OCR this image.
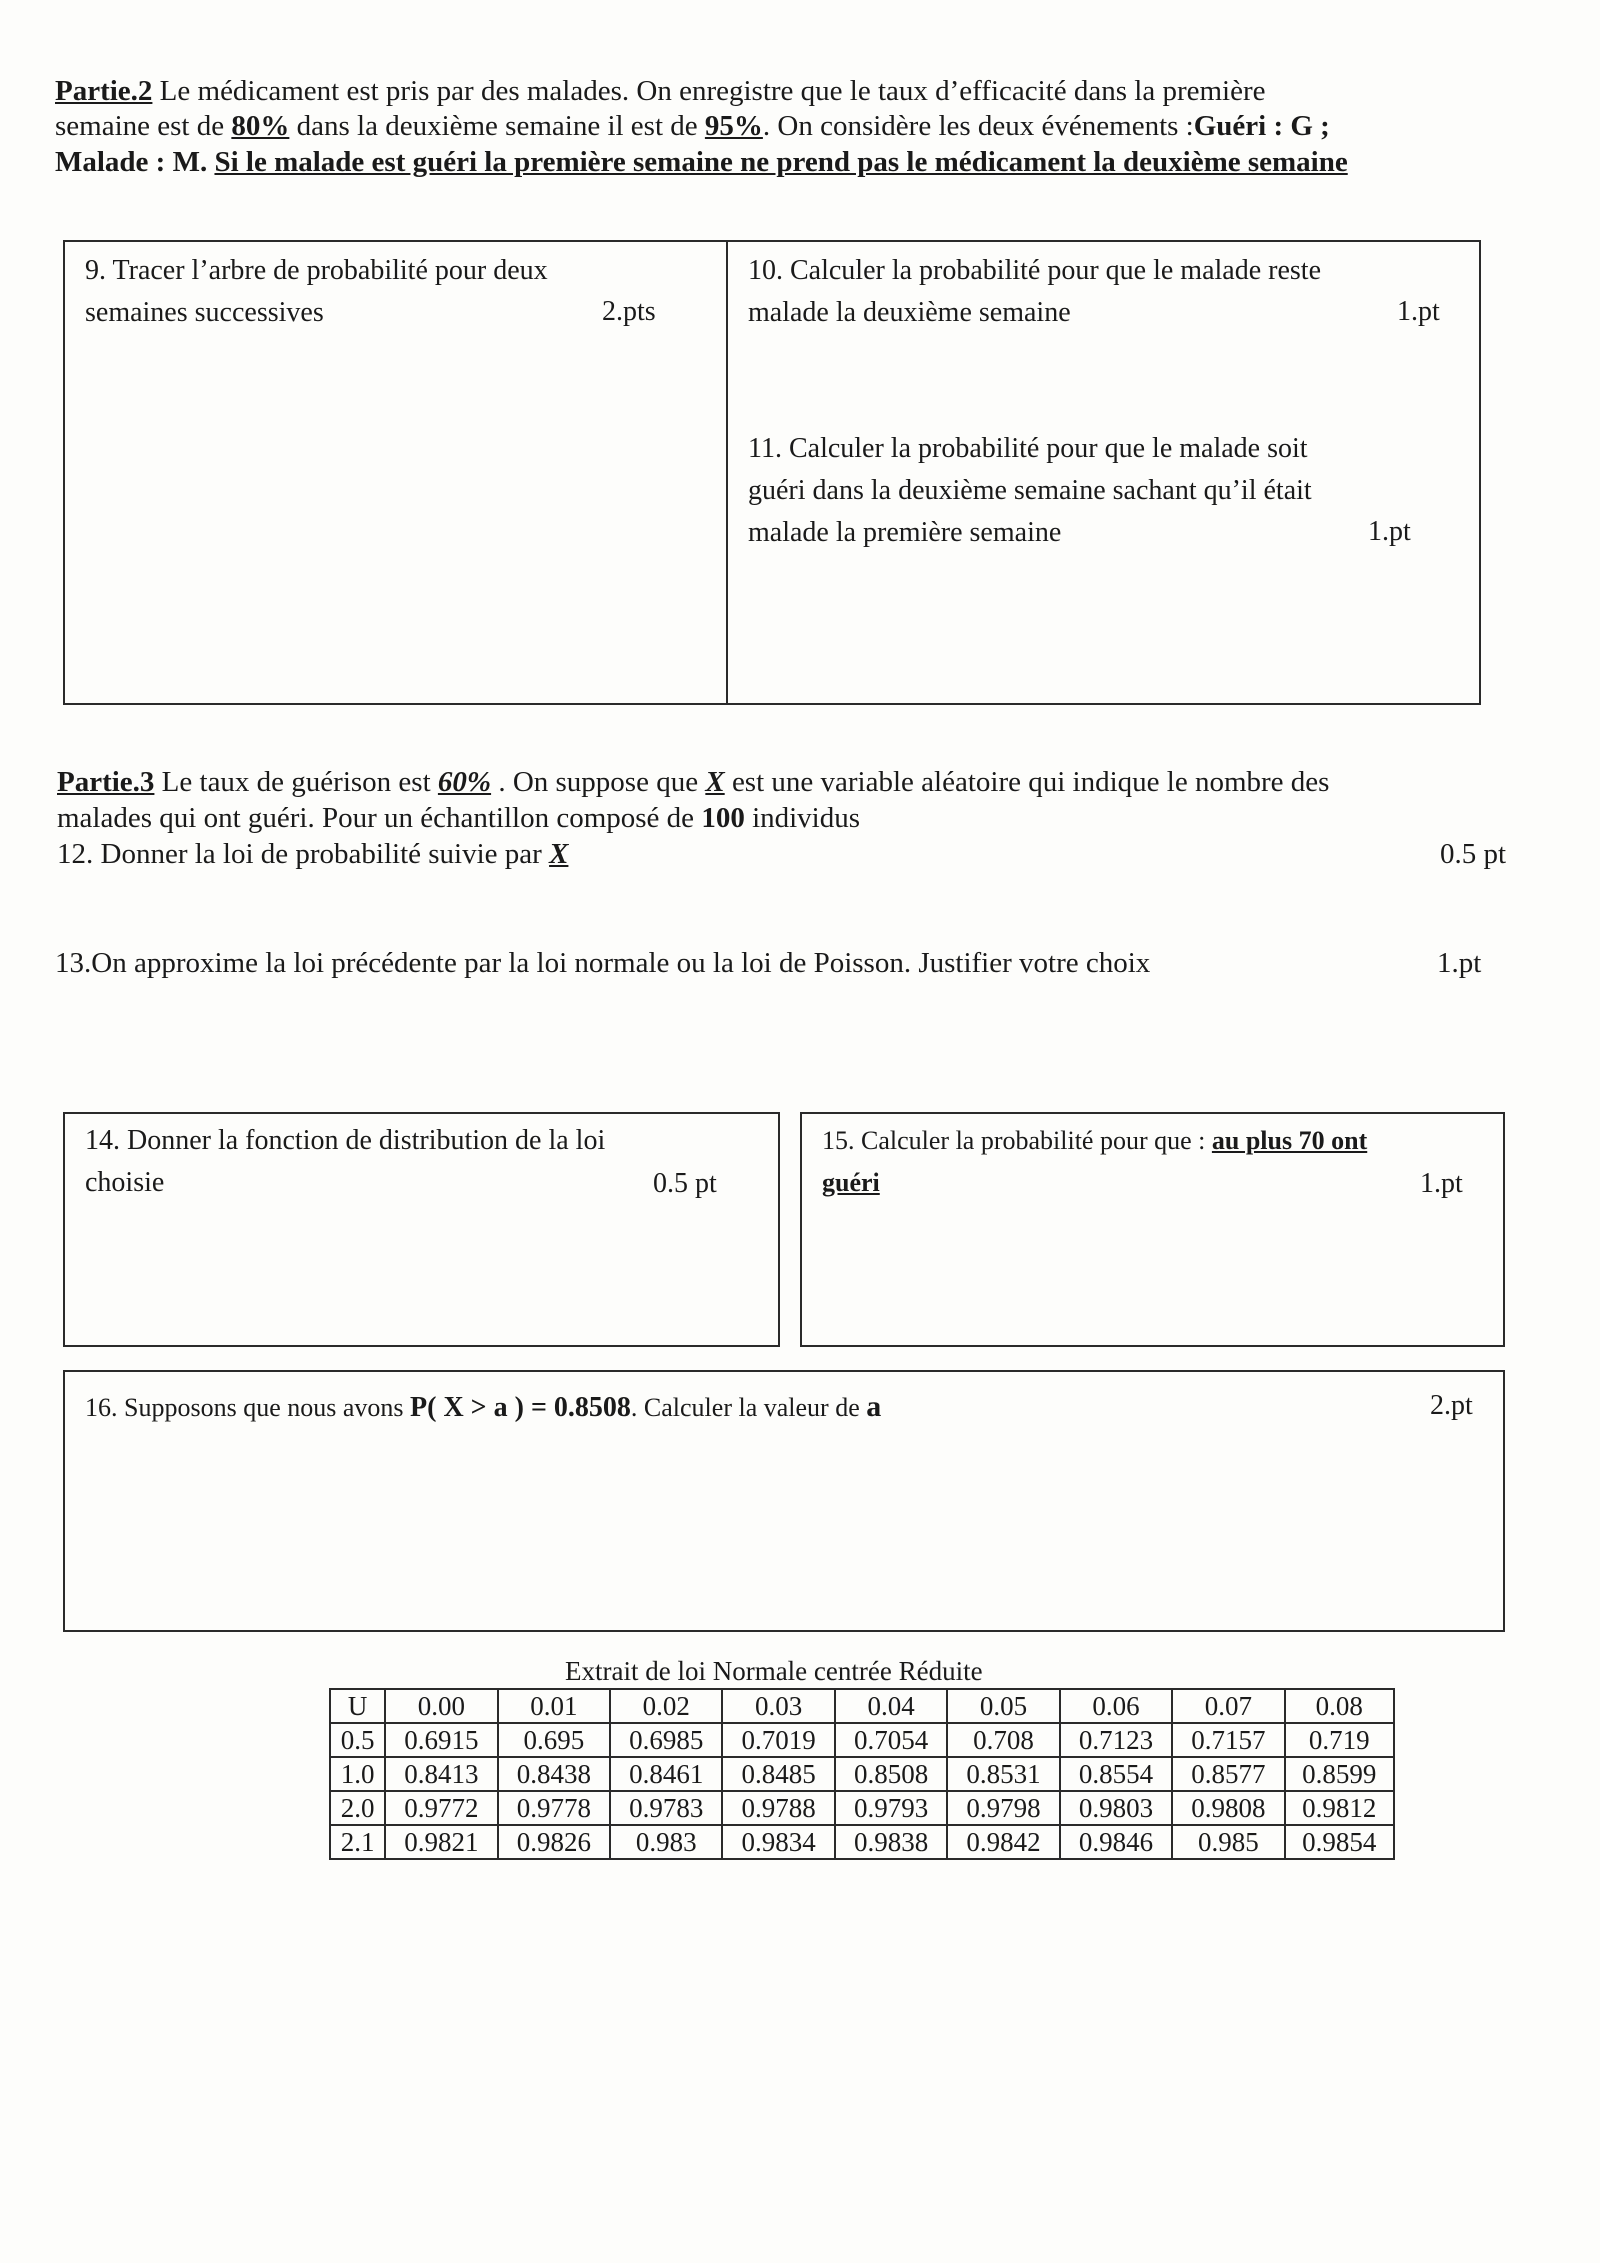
Partie.2 Le médicament est pris par des malades. On enregistre que le taux d’efficacité dans la première
semaine est de 80% dans la deuxième semaine il est de 95%. On considère les deux événements :Guéri : G ;
Malade : M. Si le malade est guéri la première semaine ne prend pas le médicament la deuxième semaine
9. Tracer l’arbre de probabilité pour deux
semaines successives	2.pts
10. Calculer la probabilité pour que le malade reste
malade la deuxième semaine	1.pt
11. Calculer la probabilité pour que le malade soit
guéri dans la deuxième semaine sachant qu’il était
malade la première semaine	1.pt
Partie.3 Le taux de guérison est 60% . On suppose que X est une variable aléatoire qui indique le nombre des
malades qui ont guéri. Pour un échantillon composé de 100 individus
12. Donner la loi de probabilité suivie par X	0.5 pt
13.On approxime la loi précédente par la loi normale ou la loi de Poisson. Justifier votre choix	1.pt
14. Donner la fonction de distribution de la loi
choisie	0.5 pt
15. Calculer la probabilité pour que : au plus 70 ont
guéri	1.pt
16. Supposons que nous avons P( X > a ) = 0.8508. Calculer la valeur de a	2.pt
Extrait de loi Normale centrée Réduite
U	0.00	0.01	0.02	0.03	0.04	0.05	0.06	0.07	0.08
0.5	0.6915	0.695	0.6985	0.7019	0.7054	0.708	0.7123	0.7157	0.719
1.0	0.8413	0.8438	0.8461	0.8485	0.8508	0.8531	0.8554	0.8577	0.8599
2.0	0.9772	0.9778	0.9783	0.9788	0.9793	0.9798	0.9803	0.9808	0.9812
2.1	0.9821	0.9826	0.983	0.9834	0.9838	0.9842	0.9846	0.985	0.9854
